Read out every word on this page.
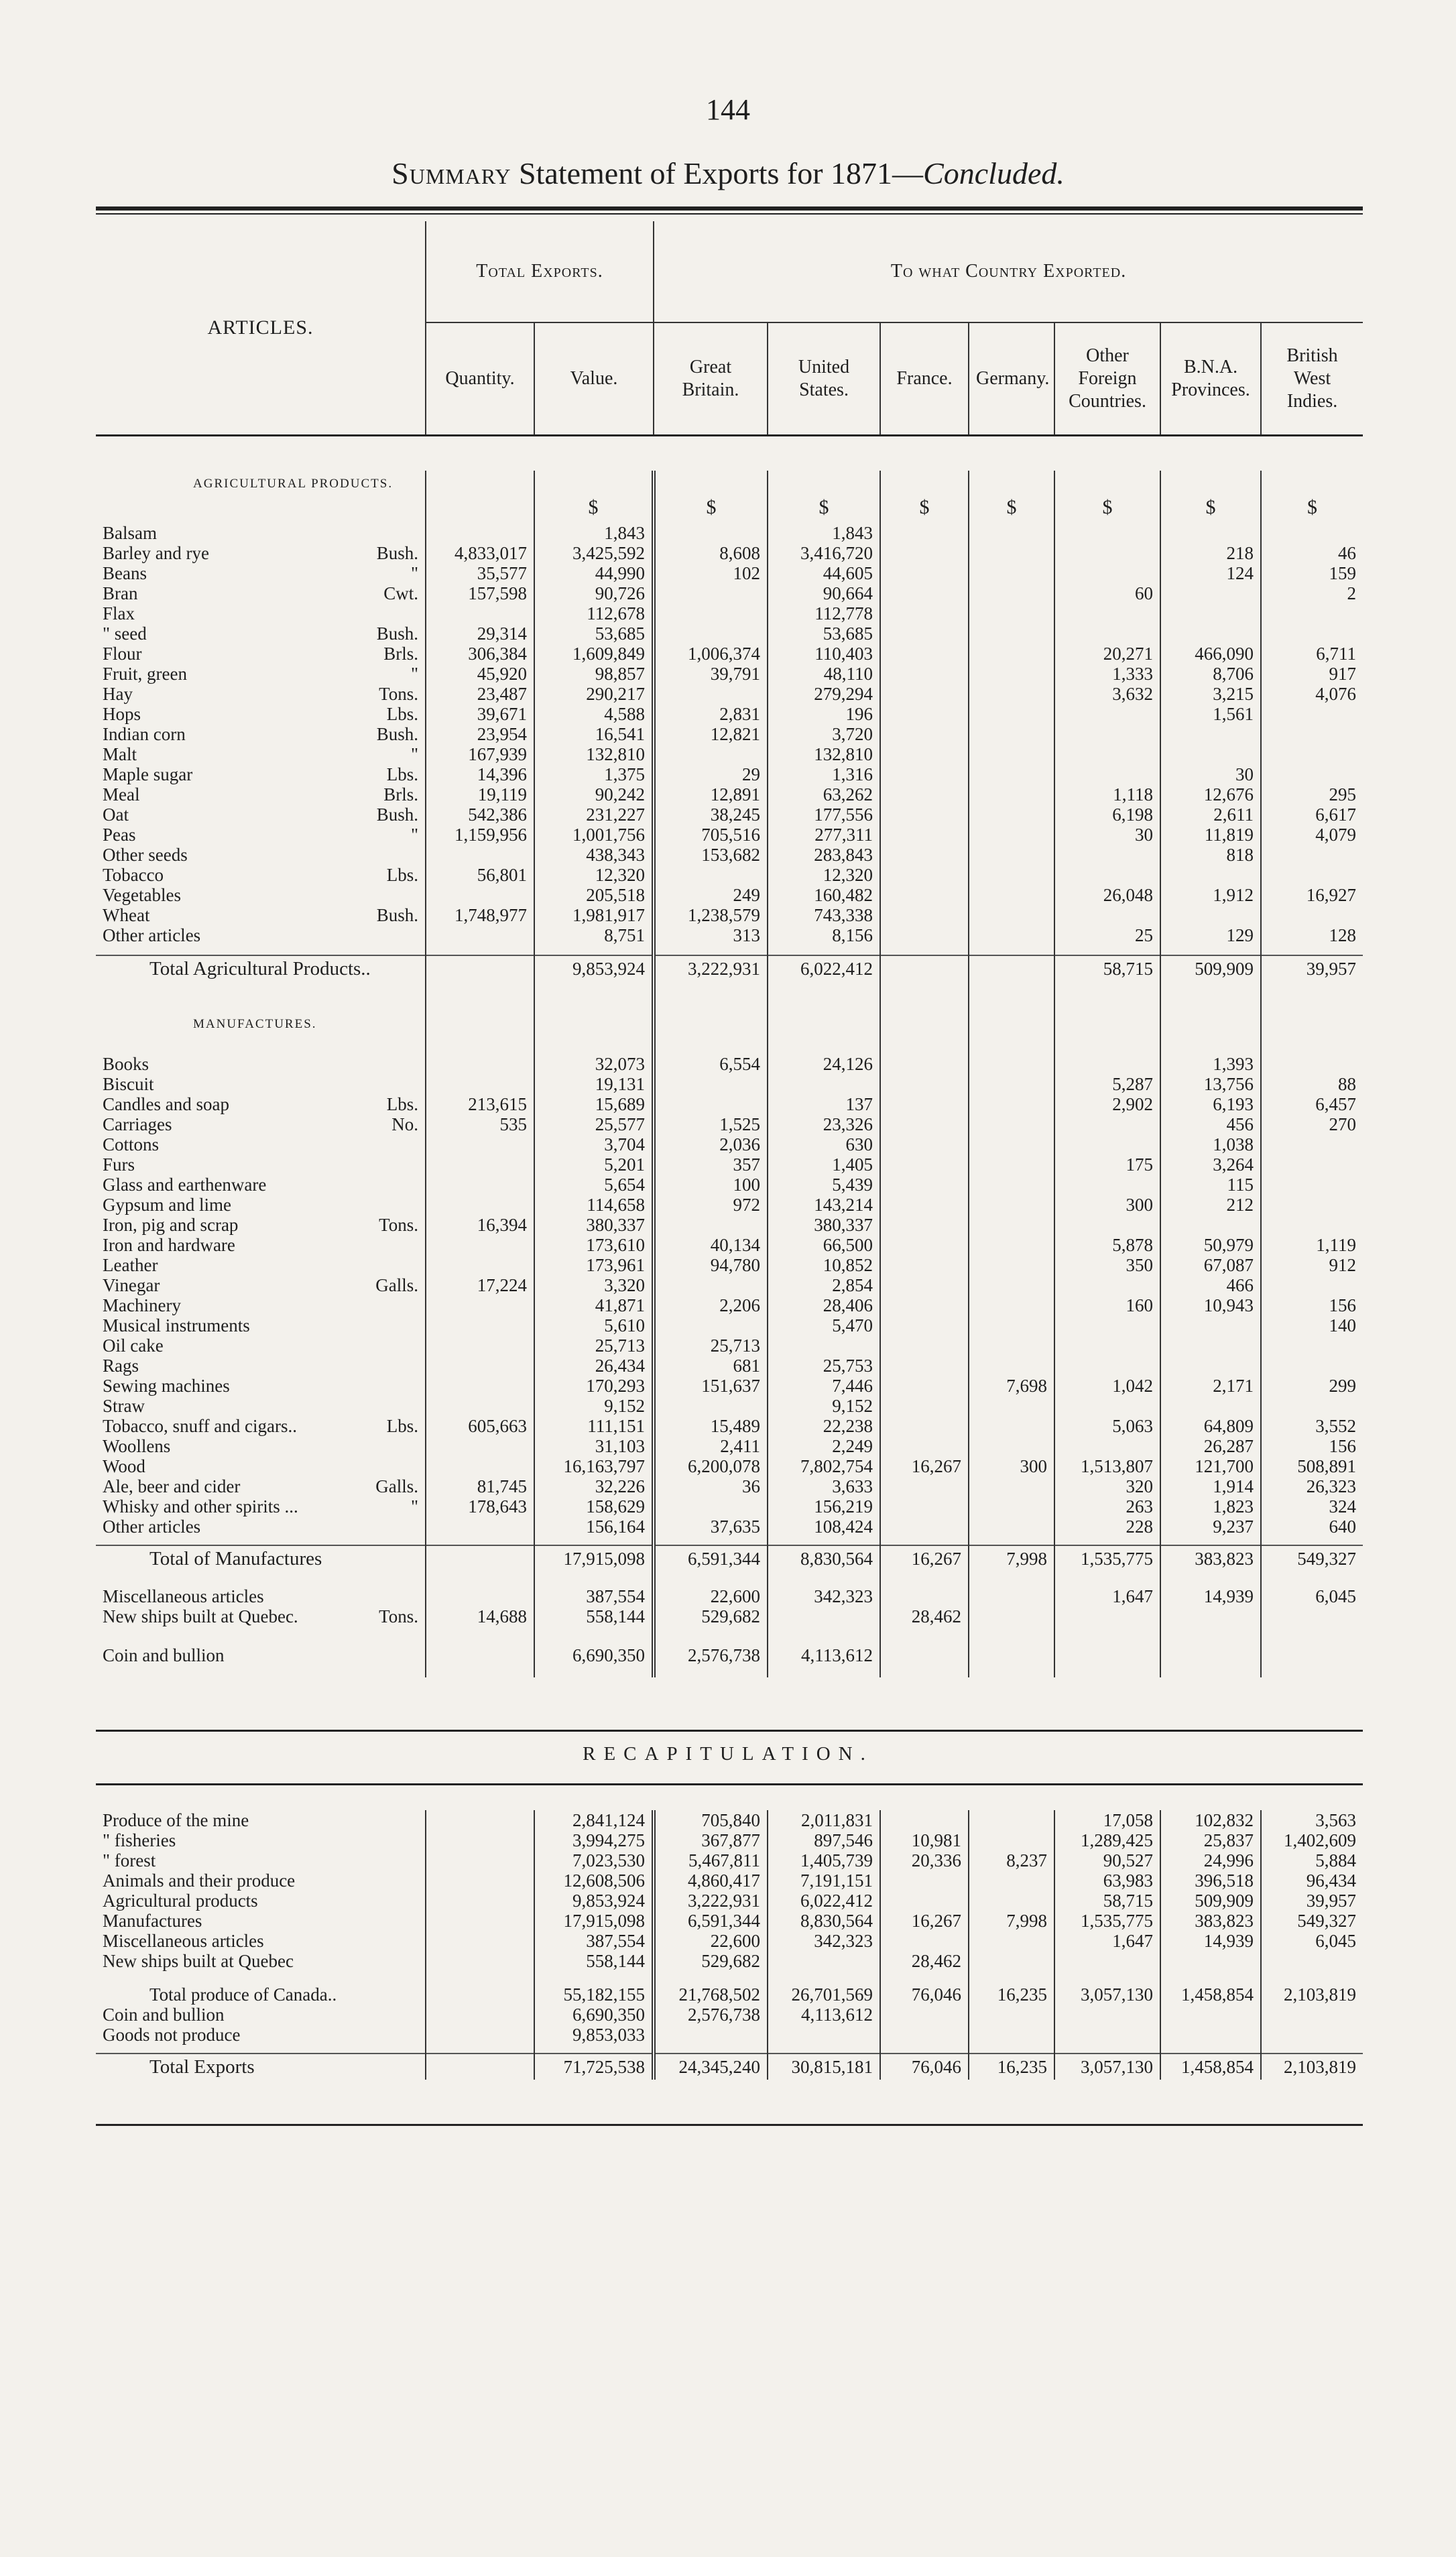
144
Summary Statement of Exports for 1871—Concluded.
ARTICLES.	Total Exports.		To what Country Exported.						
	Quantity.	Value.	Great Britain.	United States.	France.	Germany.	Other Foreign Countries.	B.N.A. Provinces.	British West Indies.
AGRICULTURAL PRODUCTS.									
		$	$	$	$	$	$	$	$

Balsam		1,843		1,843					

Barley and rye Bush.	4,833,017	3,425,592	8,608	3,416,720				218	46

Beans "	35,577	44,990	102	44,605				124	159

Bran Cwt.	157,598	90,726		90,664			60		2

Flax		112,678		112,778					

" seed Bush.	29,314	53,685		53,685					

Flour Brls.	306,384	1,609,849	1,006,374	110,403			20,271	466,090	6,711

Fruit, green "	45,920	98,857	39,791	48,110			1,333	8,706	917

Hay Tons.	23,487	290,217		279,294			3,632	3,215	4,076

Hops Lbs.	39,671	4,588	2,831	196				1,561	

Indian corn Bush.	23,954	16,541	12,821	3,720					

Malt "	167,939	132,810		132,810					

Maple sugar Lbs.	14,396	1,375	29	1,316				30	

Meal Brls.	19,119	90,242	12,891	63,262			1,118	12,676	295

Oat Bush.	542,386	231,227	38,245	177,556			6,198	2,611	6,617

Peas "	1,159,956	1,001,756	705,516	277,311			30	11,819	4,079

Other seeds		438,343	153,682	283,843				818	

Tobacco Lbs.	56,801	12,320		12,320					

Vegetables		205,518	249	160,482			26,048	1,912	16,927

Wheat Bush.	1,748,977	1,981,917	1,238,579	743,338					

Other articles		8,751	313	8,156			25	129	128

Total Agricultural Products..		9,853,924	3,222,931	6,022,412			58,715	509,909	39,957

MANUFACTURES.									

Books		32,073	6,554	24,126				1,393	

Biscuit		19,131					5,287	13,756	88

Candles and soap Lbs.	213,615	15,689		137			2,902	6,193	6,457

Carriages No.	535	25,577	1,525	23,326				456	270

Cottons		3,704	2,036	630				1,038	

Furs		5,201	357	1,405			175	3,264	

Glass and earthenware		5,654	100	5,439				115	

Gypsum and lime		114,658	972	143,214			300	212	

Iron, pig and scrap Tons.	16,394	380,337		380,337					

Iron and hardware		173,610	40,134	66,500			5,878	50,979	1,119

Leather		173,961	94,780	10,852			350	67,087	912

Vinegar Galls.	17,224	3,320		2,854				466	

Machinery		41,871	2,206	28,406			160	10,943	156

Musical instruments		5,610		5,470					140

Oil cake		25,713	25,713						

Rags		26,434	681	25,753					

Sewing machines		170,293	151,637	7,446		7,698	1,042	2,171	299

Straw		9,152		9,152					

Tobacco, snuff and cigars.. Lbs.	605,663	111,151	15,489	22,238			5,063	64,809	3,552

Woollens		31,103	2,411	2,249				26,287	156

Wood		16,163,797	6,200,078	7,802,754	16,267	300	1,513,807	121,700	508,891

Ale, beer and cider Galls.	81,745	32,226	36	3,633			320	1,914	26,323

Whisky and other spirits ... "	178,643	158,629		156,219			263	1,823	324

Other articles		156,164	37,635	108,424			228	9,237	640

Total of Manufactures		17,915,098	6,591,344	8,830,564	16,267	7,998	1,535,775	383,823	549,327

Miscellaneous articles		387,554	22,600	342,323			1,647	14,939	6,045

New ships built at Quebec. Tons.	14,688	558,144	529,682		28,462				

Coin and bullion		6,690,350	2,576,738	4,113,612					

RECAPITULATION.
Produce of the mine		2,841,124	705,840	2,011,831			17,058	102,832	3,563

" fisheries		3,994,275	367,877	897,546	10,981		1,289,425	25,837	1,402,609

" forest		7,023,530	5,467,811	1,405,739	20,336	8,237	90,527	24,996	5,884

Animals and their produce		12,608,506	4,860,417	7,191,151			63,983	396,518	96,434

Agricultural products		9,853,924	3,222,931	6,022,412			58,715	509,909	39,957

Manufactures		17,915,098	6,591,344	8,830,564	16,267	7,998	1,535,775	383,823	549,327

Miscellaneous articles		387,554	22,600	342,323			1,647	14,939	6,045

New ships built at Quebec		558,144	529,682		28,462				

Total produce of Canada..		55,182,155	21,768,502	26,701,569	76,046	16,235	3,057,130	1,458,854	2,103,819

Coin and bullion		6,690,350	2,576,738	4,113,612					

Goods not produce		9,853,033							

Total Exports		71,725,538	24,345,240	30,815,181	76,046	16,235	3,057,130	1,458,854	2,103,819
